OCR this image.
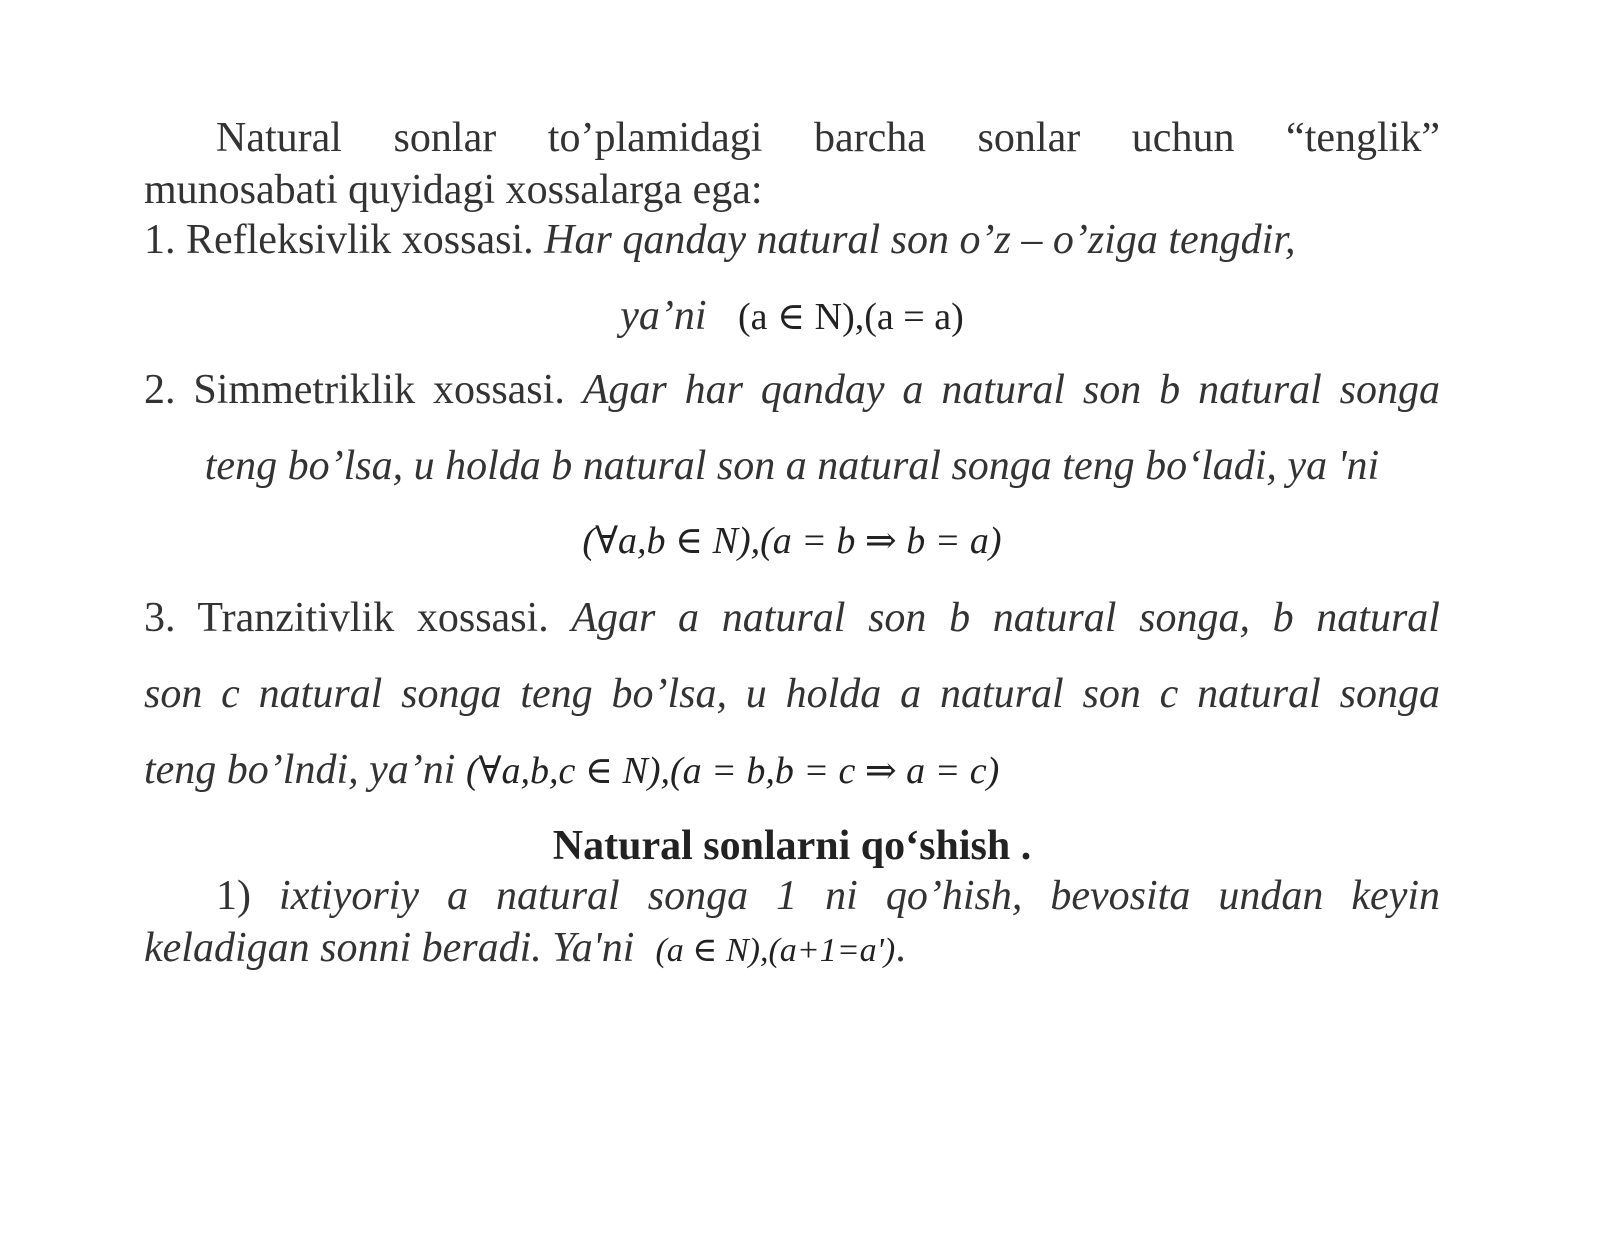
Natural sonlar to’plamidagi barcha sonlar uchun “tenglik”
munosabati quyidagi xossalarga ega:
1. Refleksivlik xossasi. Har qanday natural son o’z – o’ziga tengdir,
ya’ni (a ∈ N),(a = a)
2. Simmetriklik xossasi. Agar har qanday a natural son b natural songa
teng bo’lsa, u holda b natural son a natural songa teng bo‘ladi, ya 'ni
(∀a,b ∈ N),(a = b ⇒ b = a)
3. Tranzitivlik xossasi. Agar a natural son b natural songa, b natural
son c natural songa teng bo’lsa, u holda a natural son c natural songa
teng bo’lndi, ya’ni (∀a,b,c ∈ N),(a = b,b = c ⇒ a = c)
Natural sonlarni qo‘shish .
1) ixtiyoriy a natural songa 1 ni qo’hish, bevosita undan keyin
keladigan sonni beradi. Ya'ni (a ∈ N),(a+1=a').
